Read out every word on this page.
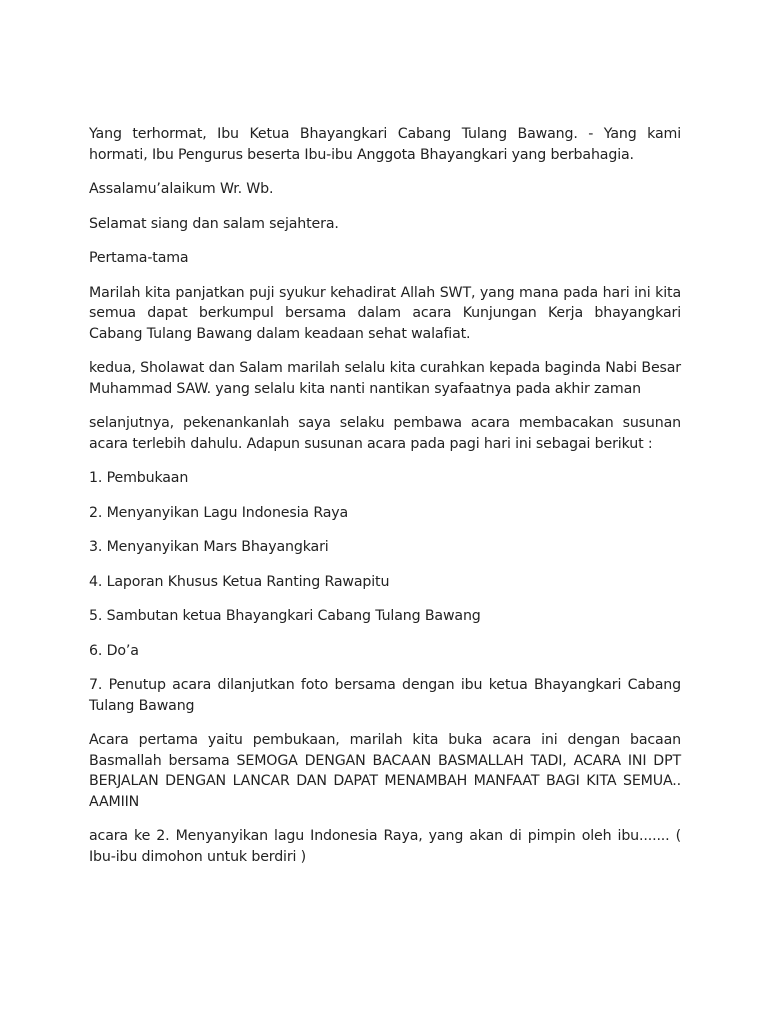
Yang terhormat, Ibu Ketua Bhayangkari Cabang Tulang Bawang. - Yang kami hormati, Ibu Pengurus beserta Ibu-ibu Anggota Bhayangkari yang berbahagia.

Assalamu’alaikum Wr. Wb.

Selamat siang dan salam sejahtera.

Pertama-tama

Marilah kita panjatkan puji syukur kehadirat Allah SWT, yang mana pada hari ini kita semua dapat berkumpul bersama dalam acara Kunjungan Kerja bhayangkari Cabang Tulang Bawang dalam keadaan sehat walafiat.

kedua, Sholawat dan Salam marilah selalu kita curahkan kepada baginda Nabi Besar Muhammad SAW. yang selalu kita nanti nantikan syafaatnya pada akhir zaman

selanjutnya, pekenankanlah saya selaku pembawa acara membacakan susunan acara terlebih dahulu. Adapun susunan acara pada pagi hari ini sebagai berikut :

1. Pembukaan
2. Menyanyikan Lagu Indonesia Raya
3. Menyanyikan Mars Bhayangkari
4. Laporan Khusus Ketua Ranting Rawapitu
5. Sambutan ketua Bhayangkari Cabang Tulang Bawang
6. Do’a
7. Penutup acara dilanjutkan foto bersama dengan ibu ketua Bhayangkari Cabang Tulang Bawang

Acara pertama yaitu pembukaan, marilah kita buka acara ini dengan bacaan Basmallah bersama SEMOGA DENGAN BACAAN BASMALLAH TADI, ACARA INI DPT BERJALAN DENGAN LANCAR DAN DAPAT MENAMBAH MANFAAT BAGI KITA SEMUA.. AAMIIN

acara ke 2. Menyanyikan lagu Indonesia Raya, yang akan di pimpin oleh ibu....... ( Ibu-ibu dimohon untuk berdiri )
